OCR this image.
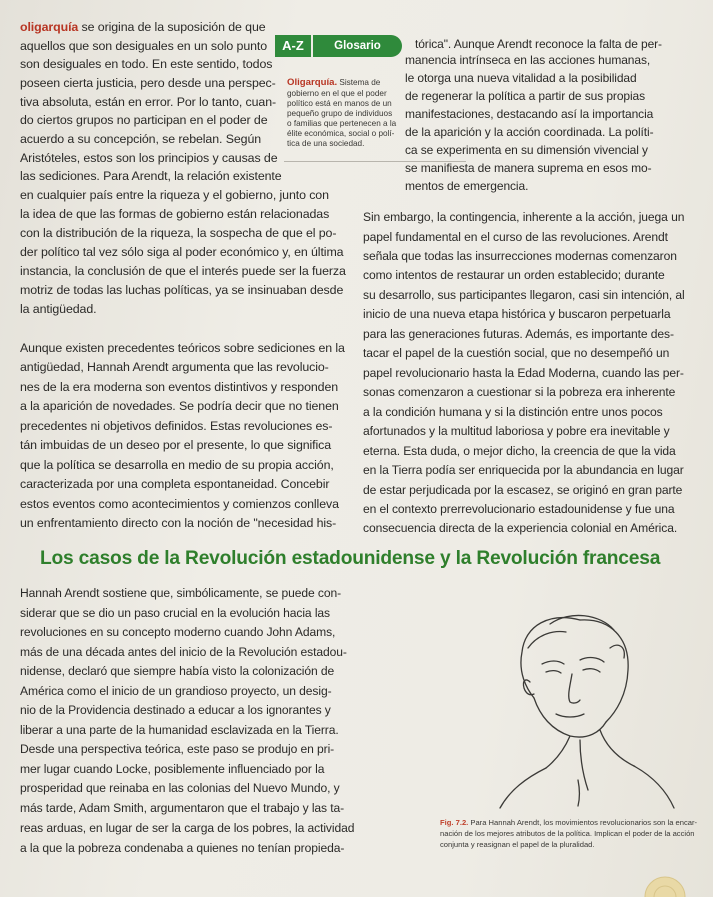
oligarquía se origina de la suposición de que
aquellos que son desiguales en un solo punto
son desiguales en todo. En este sentido, todos
poseen cierta justicia, pero desde una perspec-
tiva absoluta, están en error. Por lo tanto, cuan-
do ciertos grupos no participan en el poder de
acuerdo a su concepción, se rebelan. Según
Aristóteles, estos son los principios y causas de
las sediciones. Para Arendt, la relación existente
en cualquier país entre la riqueza y el gobierno, junto con
la idea de que las formas de gobierno están relacionadas
con la distribución de la riqueza, la sospecha de que el po-
der político tal vez sólo siga al poder económico y, en última
instancia, la conclusión de que el interés puede ser la fuerza
motriz de todas las luchas políticas, ya se insinuaban desde
la antigüedad.
A-Z	Glosario
Oligarquía. Sistema de
gobierno en el que el poder
político está en manos de un
pequeño grupo de individuos
o familias que pertenecen a la
élite económica, social o polí-
tica de una sociedad.
tórica". Aunque Arendt reconoce la falta de per-
manencia intrínseca en las acciones humanas,
le otorga una nueva vitalidad a la posibilidad
de regenerar la política a partir de sus propias
manifestaciones, destacando así la importancia
de la aparición y la acción coordinada. La políti-
ca se experimenta en su dimensión vivencial y
se manifiesta de manera suprema en esos mo-
mentos de emergencia.
Sin embargo, la contingencia, inherente a la acción, juega un
papel fundamental en el curso de las revoluciones. Arendt
señala que todas las insurrecciones modernas comenzaron
como intentos de restaurar un orden establecido; durante
su desarrollo, sus participantes llegaron, casi sin intención, al
inicio de una nueva etapa histórica y buscaron perpetuarla
para las generaciones futuras. Además, es importante des-
tacar el papel de la cuestión social, que no desempeñó un
papel revolucionario hasta la Edad Moderna, cuando las per-
sonas comenzaron a cuestionar si la pobreza era inherente
a la condición humana y si la distinción entre unos pocos
afortunados y la multitud laboriosa y pobre era inevitable y
eterna. Esta duda, o mejor dicho, la creencia de que la vida
en la Tierra podía ser enriquecida por la abundancia en lugar
de estar perjudicada por la escasez, se originó en gran parte
en el contexto prerrevolucionario estadounidense y fue una
consecuencia directa de la experiencia colonial en América.
Aunque existen precedentes teóricos sobre sediciones en la
antigüedad, Hannah Arendt argumenta que las revolucio-
nes de la era moderna son eventos distintivos y responden
a la aparición de novedades. Se podría decir que no tienen
precedentes ni objetivos definidos. Estas revoluciones es-
tán imbuidas de un deseo por el presente, lo que significa
que la política se desarrolla en medio de su propia acción,
caracterizada por una completa espontaneidad. Concebir
estos eventos como acontecimientos y comienzos conlleva
un enfrentamiento directo con la noción de "necesidad his-
Los casos de la Revolución estadounidense y la Revolución francesa
Hannah Arendt sostiene que, simbólicamente, se puede con-
siderar que se dio un paso crucial en la evolución hacia las
revoluciones en su concepto moderno cuando John Adams,
más de una década antes del inicio de la Revolución estadou-
nidense, declaró que siempre había visto la colonización de
América como el inicio de un grandioso proyecto, un desig-
nio de la Providencia destinado a educar a los ignorantes y
liberar a una parte de la humanidad esclavizada en la Tierra.
Desde una perspectiva teórica, este paso se produjo en pri-
mer lugar cuando Locke, posiblemente influenciado por la
prosperidad que reinaba en las colonias del Nuevo Mundo, y
más tarde, Adam Smith, argumentaron que el trabajo y las ta-
reas arduas, en lugar de ser la carga de los pobres, la actividad
a la que la pobreza condenaba a quienes no tenían propieda-
Fig. 7.2. Para Hannah Arendt, los movimientos revolucionarios son la encar-
nación de los mejores atributos de la política. Implican el poder de la acción
conjunta y reasignan el papel de la pluralidad.
